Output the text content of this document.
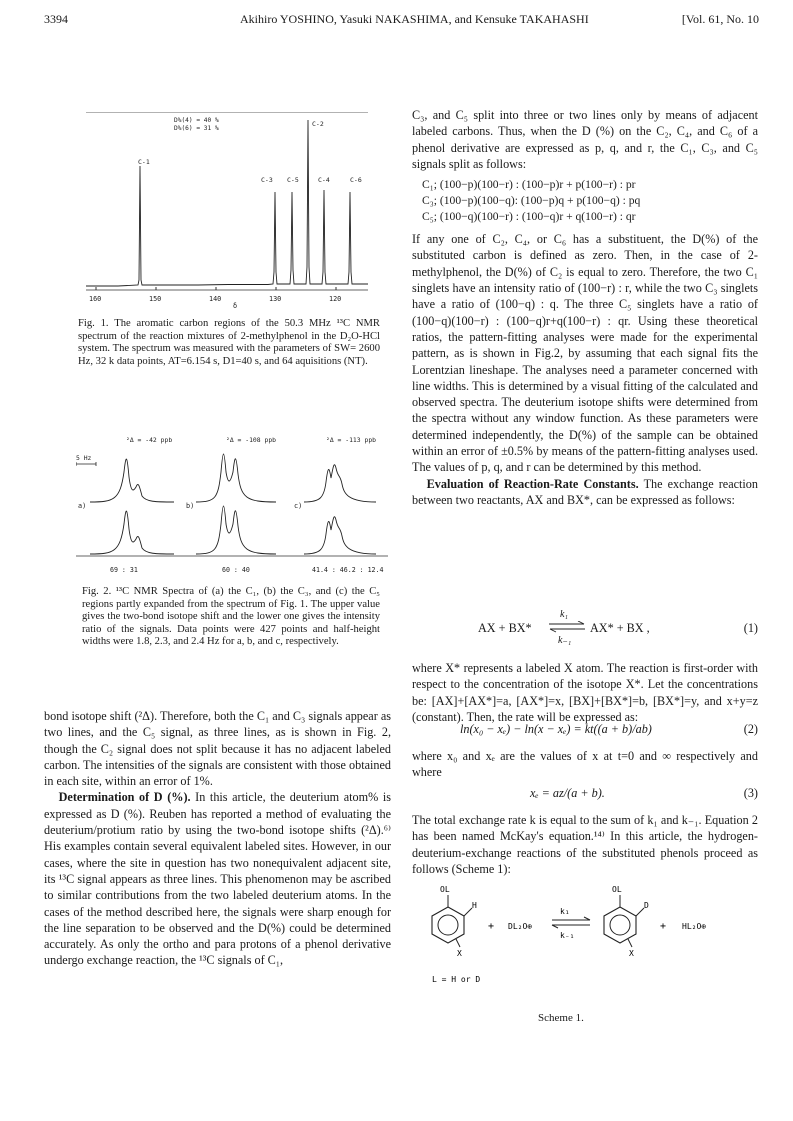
3394	Akihiro YOSHINO, Yasuki NAKASHIMA, and Kensuke TAKAHASHI	[Vol. 61, No. 10
D%(4) = 40 %
D%(6) = 31 %
C-1
C-2
C-3 C-5	C-4	C-6
160	150	140	130	120
δ
Fig. 1. The aromatic carbon regions of the 50.3 MHz ¹³C NMR spectrum of the reaction mixtures of 2-methylphenol in the D₂O-HCl system. The spectrum was measured with the parameters of SW= 2600 Hz, 32 k data points, AT=6.154 s, D1=40 s, and 64 aquisitions (NT).
²Δ = -42 ppb	²Δ = -108 ppb	²Δ = -113 ppb
5 Hz
a)	b)	c)
69 : 31	60 : 40	41.4 : 46.2 : 12.4
Fig. 2. ¹³C NMR Spectra of (a) the C₁, (b) the C₃, and (c) the C₅ regions partly expanded from the spectrum of Fig. 1. The upper value gives the two-bond isotope shift and the lower one gives the intensity ratio of the signals. Data points were 427 points and half-height widths were 1.8, 2.3, and 2.4 Hz for a, b, and c, respectively.

bond isotope shift (²Δ). Therefore, both the C₁ and C₃ signals appear as two lines, and the C₅ signal, as three lines, as is shown in Fig. 2, though the C₂ signal does not split because it has no adjacent labeled carbon. The intensities of the signals are consistent with those obtained in each site, within an error of 1%.

Determination of D (%). In this article, the deuterium atom% is expressed as D (%). Reuben has reported a method of evaluating the deuterium/protium ratio by using the two-bond isotope shifts (²Δ).⁶⁾ His examples contain several equivalent labeled sites. However, in our cases, where the site in question has two nonequivalent adjacent site, its ¹³C signal appears as three lines. This phenomenon may be ascribed to similar contributions from the two labeled deuterium atoms. In the cases of the method described here, the signals were sharp enough for the line separation to be observed and the D(%) could be determined accurately. As only the ortho and para protons of a phenol derivative undergo exchange reaction, the ¹³C signals of C₁,

C₃, and C₅ split into three or two lines only by means of adjacent labeled carbons. Thus, when the D (%) on the C₂, C₄, and C₆ of a phenol derivative are expressed as p, q, and r, the C₁, C₃, and C₅ signals split as follows:

C₁; (100−p)(100−r) : (100−p)r + p(100−r) : pr
C₃; (100−p)(100−q): (100−p)q + p(100−q) : pq
C₅; (100−q)(100−r) : (100−q)r + q(100−r) : qr

If any one of C₂, C₄, or C₆ has a substituent, the D(%) of the substituted carbon is defined as zero. Then, in the case of 2-methylphenol, the D(%) of C₂ is equal to zero. Therefore, the two C₁ singlets have an intensity ratio of (100−r) : r, while the two C₃ singlets have a ratio of (100−q) : q. The three C₅ singlets have a ratio of (100−q)(100−r) : (100−q)r+q(100−r) : qr. Using these theoretical ratios, the pattern-fitting analyses were made for the experimental pattern, as is shown in Fig.2, by assuming that each signal fits the Lorentzian lineshape. The analyses need a parameter concerned with line widths. This is determined by a visual fitting of the calculated and observed spectra. The deuterium isotope shifts were determined from the spectra without any window function. As these parameters were determined independently, the D(%) of the sample can be obtained within an error of ±0.5% by means of the pattern-fitting analyses used. The values of p, q, and r can be determined by this method.

Evaluation of Reaction-Rate Constants. The exchange reaction between two reactants, AX and BX*, can be expressed as follows:

AX + BX*
k₁
k₋₁
AX* + BX ,	(1)
where X* represents a labeled X atom. The reaction is first-order with respect to the concentration of the isotope X*. Let the concentrations be: [AX]+[AX*]=a, [AX*]=x, [BX]+[BX*]=b, [BX*]=y, and x+y=z (constant). Then, the rate will be expressed as:
ln(x₀ − xₑ) − ln(x − xₑ) = kt((a + b)/ab)	(2)
where x₀ and xₑ are the values of x at t=0 and ∞ respectively and where
xₑ = az/(a + b).	(3)
The total exchange rate k is equal to the sum of k₁ and k₋₁. Equation 2 has been named McKay's equation.¹⁴⁾ In this article, the hydrogen-deuterium-exchange reactions of the substituted phenols proceed as follows (Scheme 1):
OL
H
X
+ DL₂O⊕
k₁
k₋₁
OL
D
X
+ HL₂O⊕
L = H or D
Scheme 1.
